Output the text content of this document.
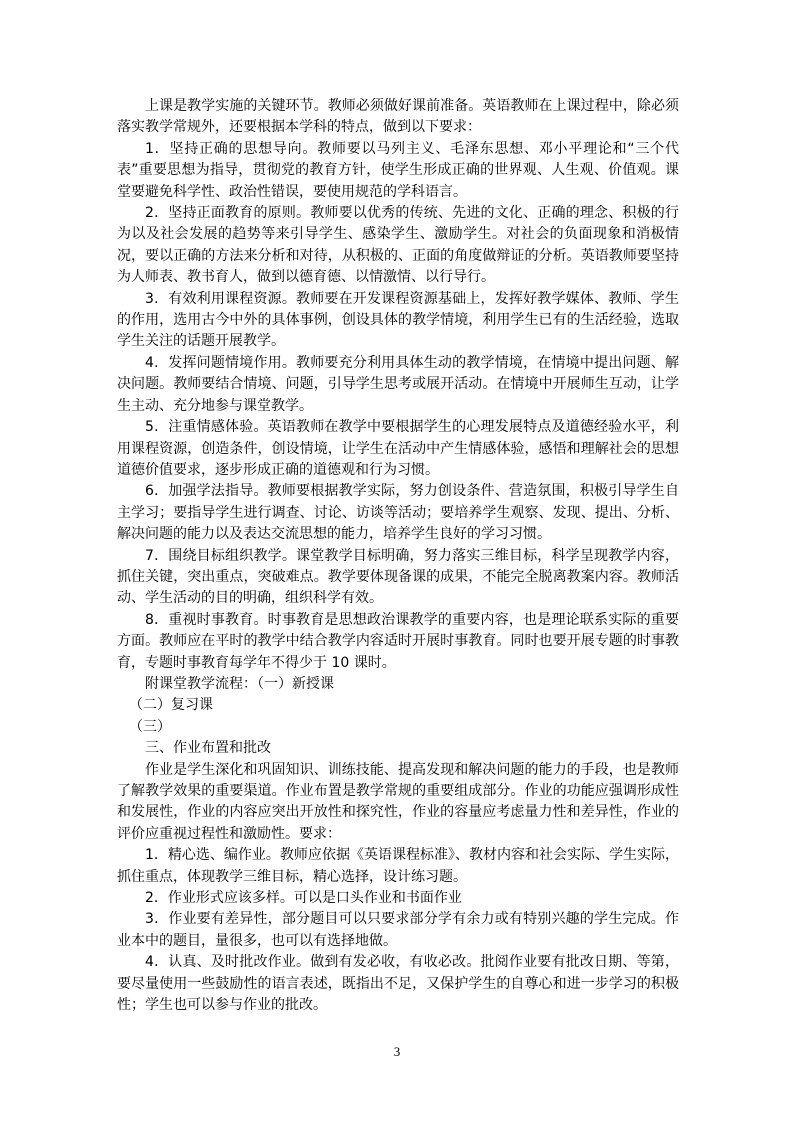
上课是教学实施的关键环节。教师必须做好课前准备。英语教师在上课过程中，除必须落实教学常规外，还要根据本学科的特点，做到以下要求：

1．坚持正确的思想导向。教师要以马列主义、毛泽东思想、邓小平理论和“三个代表”重要思想为指导，贯彻党的教育方针，使学生形成正确的世界观、人生观、价值观。课堂要避免科学性、政治性错误，要使用规范的学科语言。

2．坚持正面教育的原则。教师要以优秀的传统、先进的文化、正确的理念、积极的行为以及社会发展的趋势等来引导学生、感染学生、激励学生。对社会的负面现象和消极情况，要以正确的方法来分析和对待，从积极的、正面的角度做辩证的分析。英语教师要坚持为人师表、教书育人，做到以德育德、以情激情、以行导行。

3．有效利用课程资源。教师要在开发课程资源基础上，发挥好教学媒体、教师、学生的作用，选用古今中外的具体事例，创设具体的教学情境，利用学生已有的生活经验，选取学生关注的话题开展教学。

4．发挥问题情境作用。教师要充分利用具体生动的教学情境，在情境中提出问题、解决问题。教师要结合情境、问题，引导学生思考或展开活动。在情境中开展师生互动，让学生主动、充分地参与课堂教学。

5．注重情感体验。英语教师在教学中要根据学生的心理发展特点及道德经验水平，利用课程资源，创造条件，创设情境，让学生在活动中产生情感体验，感悟和理解社会的思想道德价值要求，逐步形成正确的道德观和行为习惯。

6．加强学法指导。教师要根据教学实际，努力创设条件、营造氛围，积极引导学生自主学习；要指导学生进行调查、讨论、访谈等活动；要培养学生观察、发现、提出、分析、解决问题的能力以及表达交流思想的能力，培养学生良好的学习习惯。

7．围绕目标组织教学。课堂教学目标明确，努力落实三维目标，科学呈现教学内容，抓住关键，突出重点，突破难点。教学要体现备课的成果，不能完全脱离教案内容。教师活动、学生活动的目的明确，组织科学有效。

8．重视时事教育。时事教育是思想政治课教学的重要内容，也是理论联系实际的重要方面。教师应在平时的教学中结合教学内容适时开展时事教育。同时也要开展专题的时事教育，专题时事教育每学年不得少于 10 课时。

附课堂教学流程：（一）新授课

（二）复习课

（三）

三、作业布置和批改

作业是学生深化和巩固知识、训练技能、提高发现和解决问题的能力的手段，也是教师了解教学效果的重要渠道。作业布置是教学常规的重要组成部分。作业的功能应强调形成性和发展性，作业的内容应突出开放性和探究性，作业的容量应考虑量力性和差异性，作业的评价应重视过程性和激励性。要求：

1．精心选、编作业。教师应依据《英语课程标准》、教材内容和社会实际、学生实际，抓住重点，体现教学三维目标，精心选择，设计练习题。

2．作业形式应该多样。可以是口头作业和书面作业

3．作业要有差异性，部分题目可以只要求部分学有余力或有特别兴趣的学生完成。作业本中的题目，量很多，也可以有选择地做。

4．认真、及时批改作业。做到有发必收，有收必改。批阅作业要有批改日期、等第，要尽量使用一些鼓励性的语言表述，既指出不足，又保护学生的自尊心和进一步学习的积极性；学生也可以参与作业的批改。

3
